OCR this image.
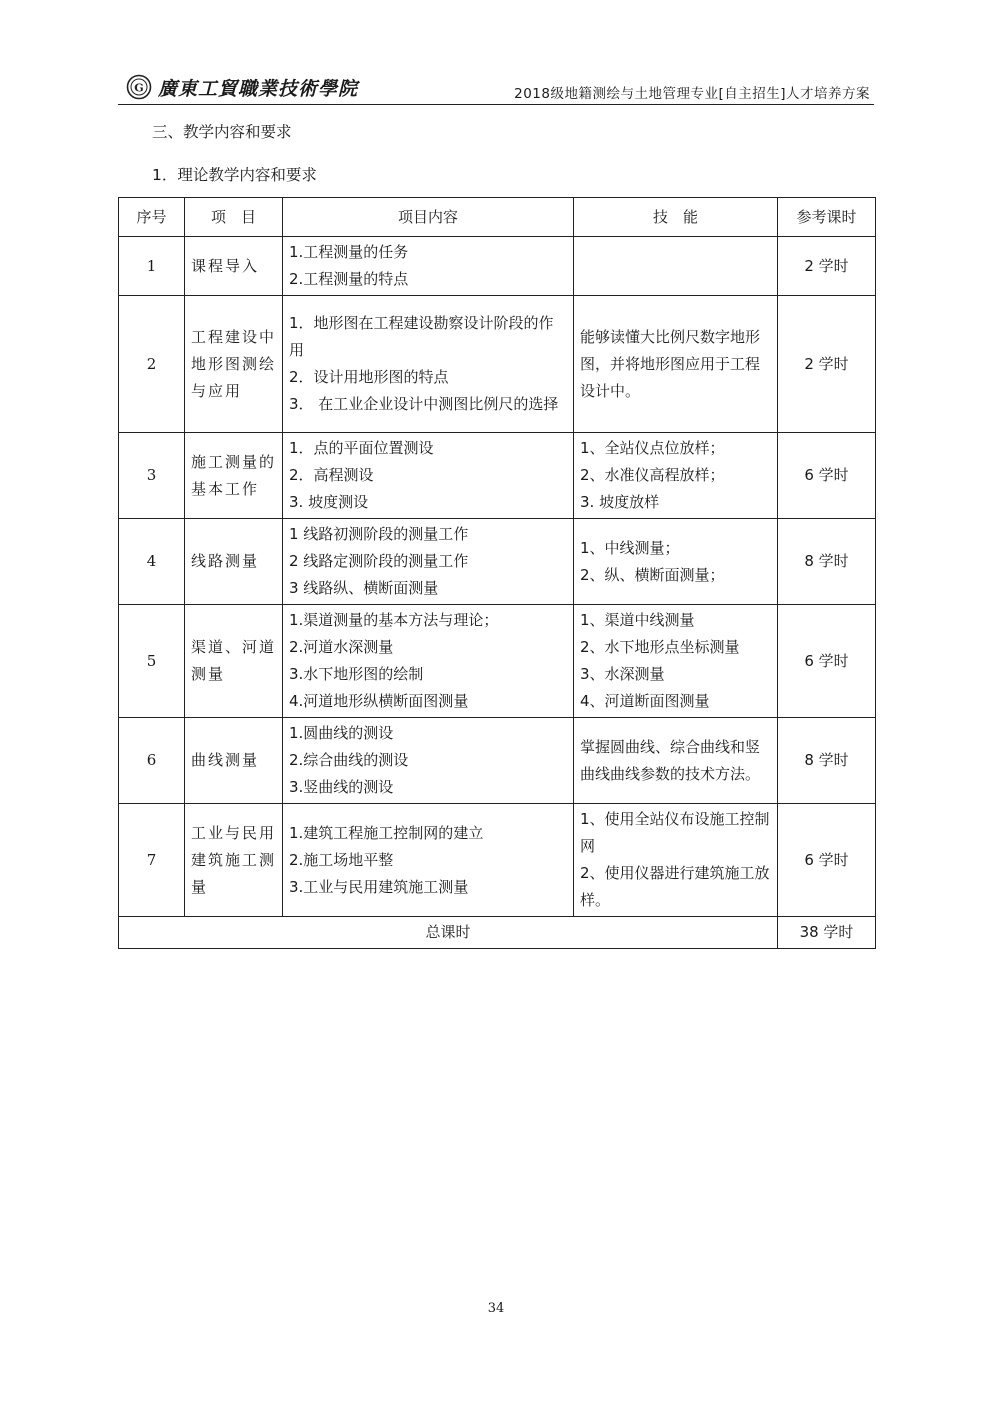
G 廣東工貿職業技術學院	2018级地籍测绘与土地管理专业[自主招生]人才培养方案
三、教学内容和要求
1．理论教学内容和要求
序号	项　目	项目内容	技　能	参考课时
1	课程导入	1.工程测量的任务
2.工程测量的特点		2 学时
2	工程建设中地形图测绘与应用	1．地形图在工程建设勘察设计阶段的作用
2．设计用地形图的特点
3． 在工业企业设计中测图比例尺的选择	能够读懂大比例尺数字地形图，并将地形图应用于工程设计中。	2 学时
3	施工测量的基本工作	1．点的平面位置测设
2．高程测设
3. 坡度测设	1、全站仪点位放样；
2、水准仪高程放样；
3. 坡度放样	6 学时
4	线路测量	1 线路初测阶段的测量工作
2 线路定测阶段的测量工作
3 线路纵、横断面测量	1、中线测量；
2、纵、横断面测量；	8 学时
5	渠道、河道测量	1.渠道测量的基本方法与理论；
2.河道水深测量
3.水下地形图的绘制
4.河道地形纵横断面图测量	1、渠道中线测量
2、水下地形点坐标测量
3、水深测量
4、河道断面图测量	6 学时
6	曲线测量	1.圆曲线的测设
2.综合曲线的测设
3.竖曲线的测设	掌握圆曲线、综合曲线和竖曲线曲线参数的技术方法。	8 学时
7	工业与民用建筑施工测量	1.建筑工程施工控制网的建立
2.施工场地平整
3.工业与民用建筑施工测量	1、使用全站仪布设施工控制网
2、使用仪器进行建筑施工放样。	6 学时
总课时				38 学时
34
